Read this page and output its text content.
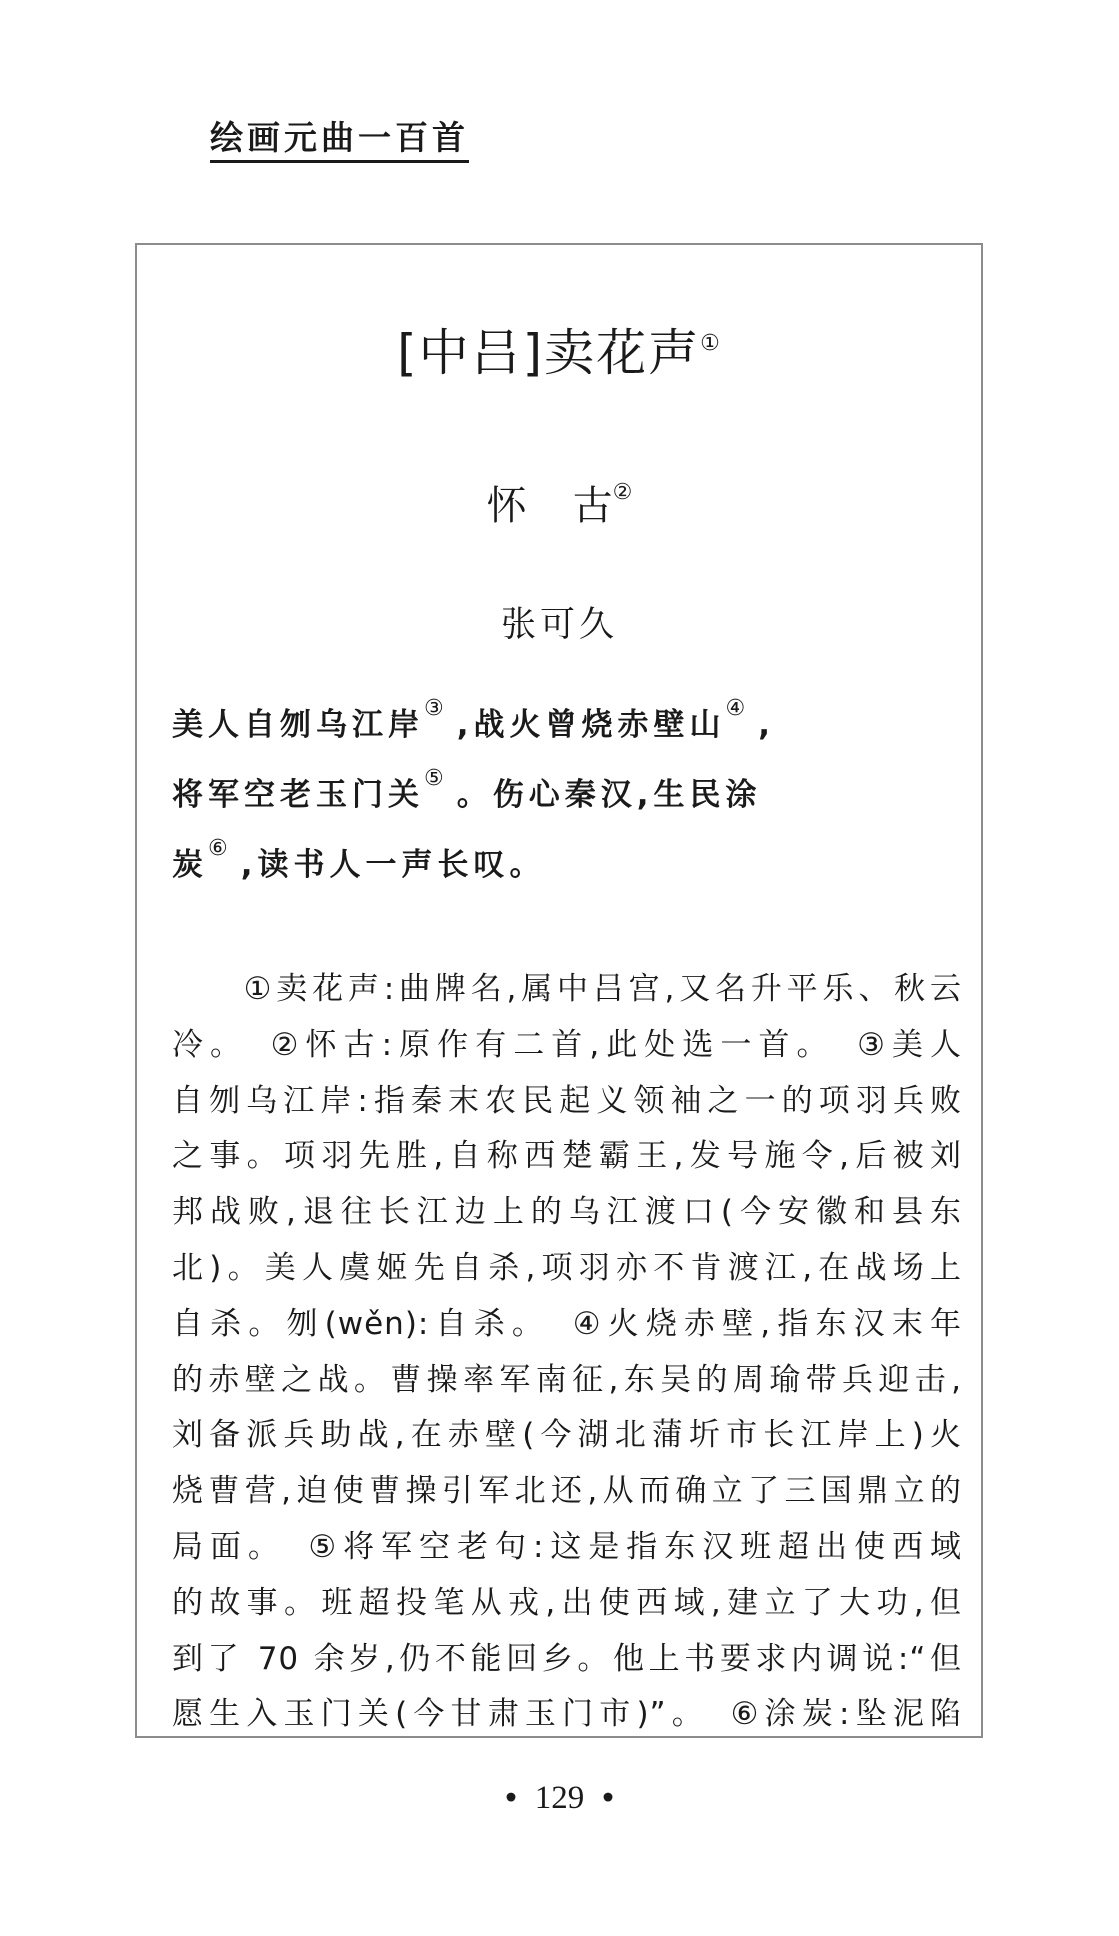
绘画元曲一百首
[中吕]卖花声①
怀 古②
张可久
美人自刎乌江岸③ ,战火曾烧赤壁山④ ,
将军空老玉门关⑤ 。伤心秦汉,生民涂
炭⑥ ,读书人一声长叹。
　　①卖花声:曲牌名,属中吕宫,又名升平乐、秋云
冷。　②怀古:原作有二首,此处选一首。　③美人
自刎乌江岸:指秦末农民起义领袖之一的项羽兵败
之事。项羽先胜,自称西楚霸王,发号施令,后被刘
邦战败,退往长江边上的乌江渡口(今安徽和县东
北)。美人虞姬先自杀,项羽亦不肯渡江,在战场上
自杀。刎(wěn):自杀。　④火烧赤壁,指东汉末年
的赤壁之战。曹操率军南征,东吴的周瑜带兵迎击,
刘备派兵助战,在赤壁(今湖北蒲圻市长江岸上)火
烧曹营,迫使曹操引军北还,从而确立了三国鼎立的
局面。　⑤将军空老句:这是指东汉班超出使西域
的故事。班超投笔从戎,出使西域,建立了大功,但
到了 70 余岁,仍不能回乡。他上书要求内调说:“但
愿生入玉门关(今甘肃玉门市)”。　⑥涂炭:坠泥陷
• 129 •
